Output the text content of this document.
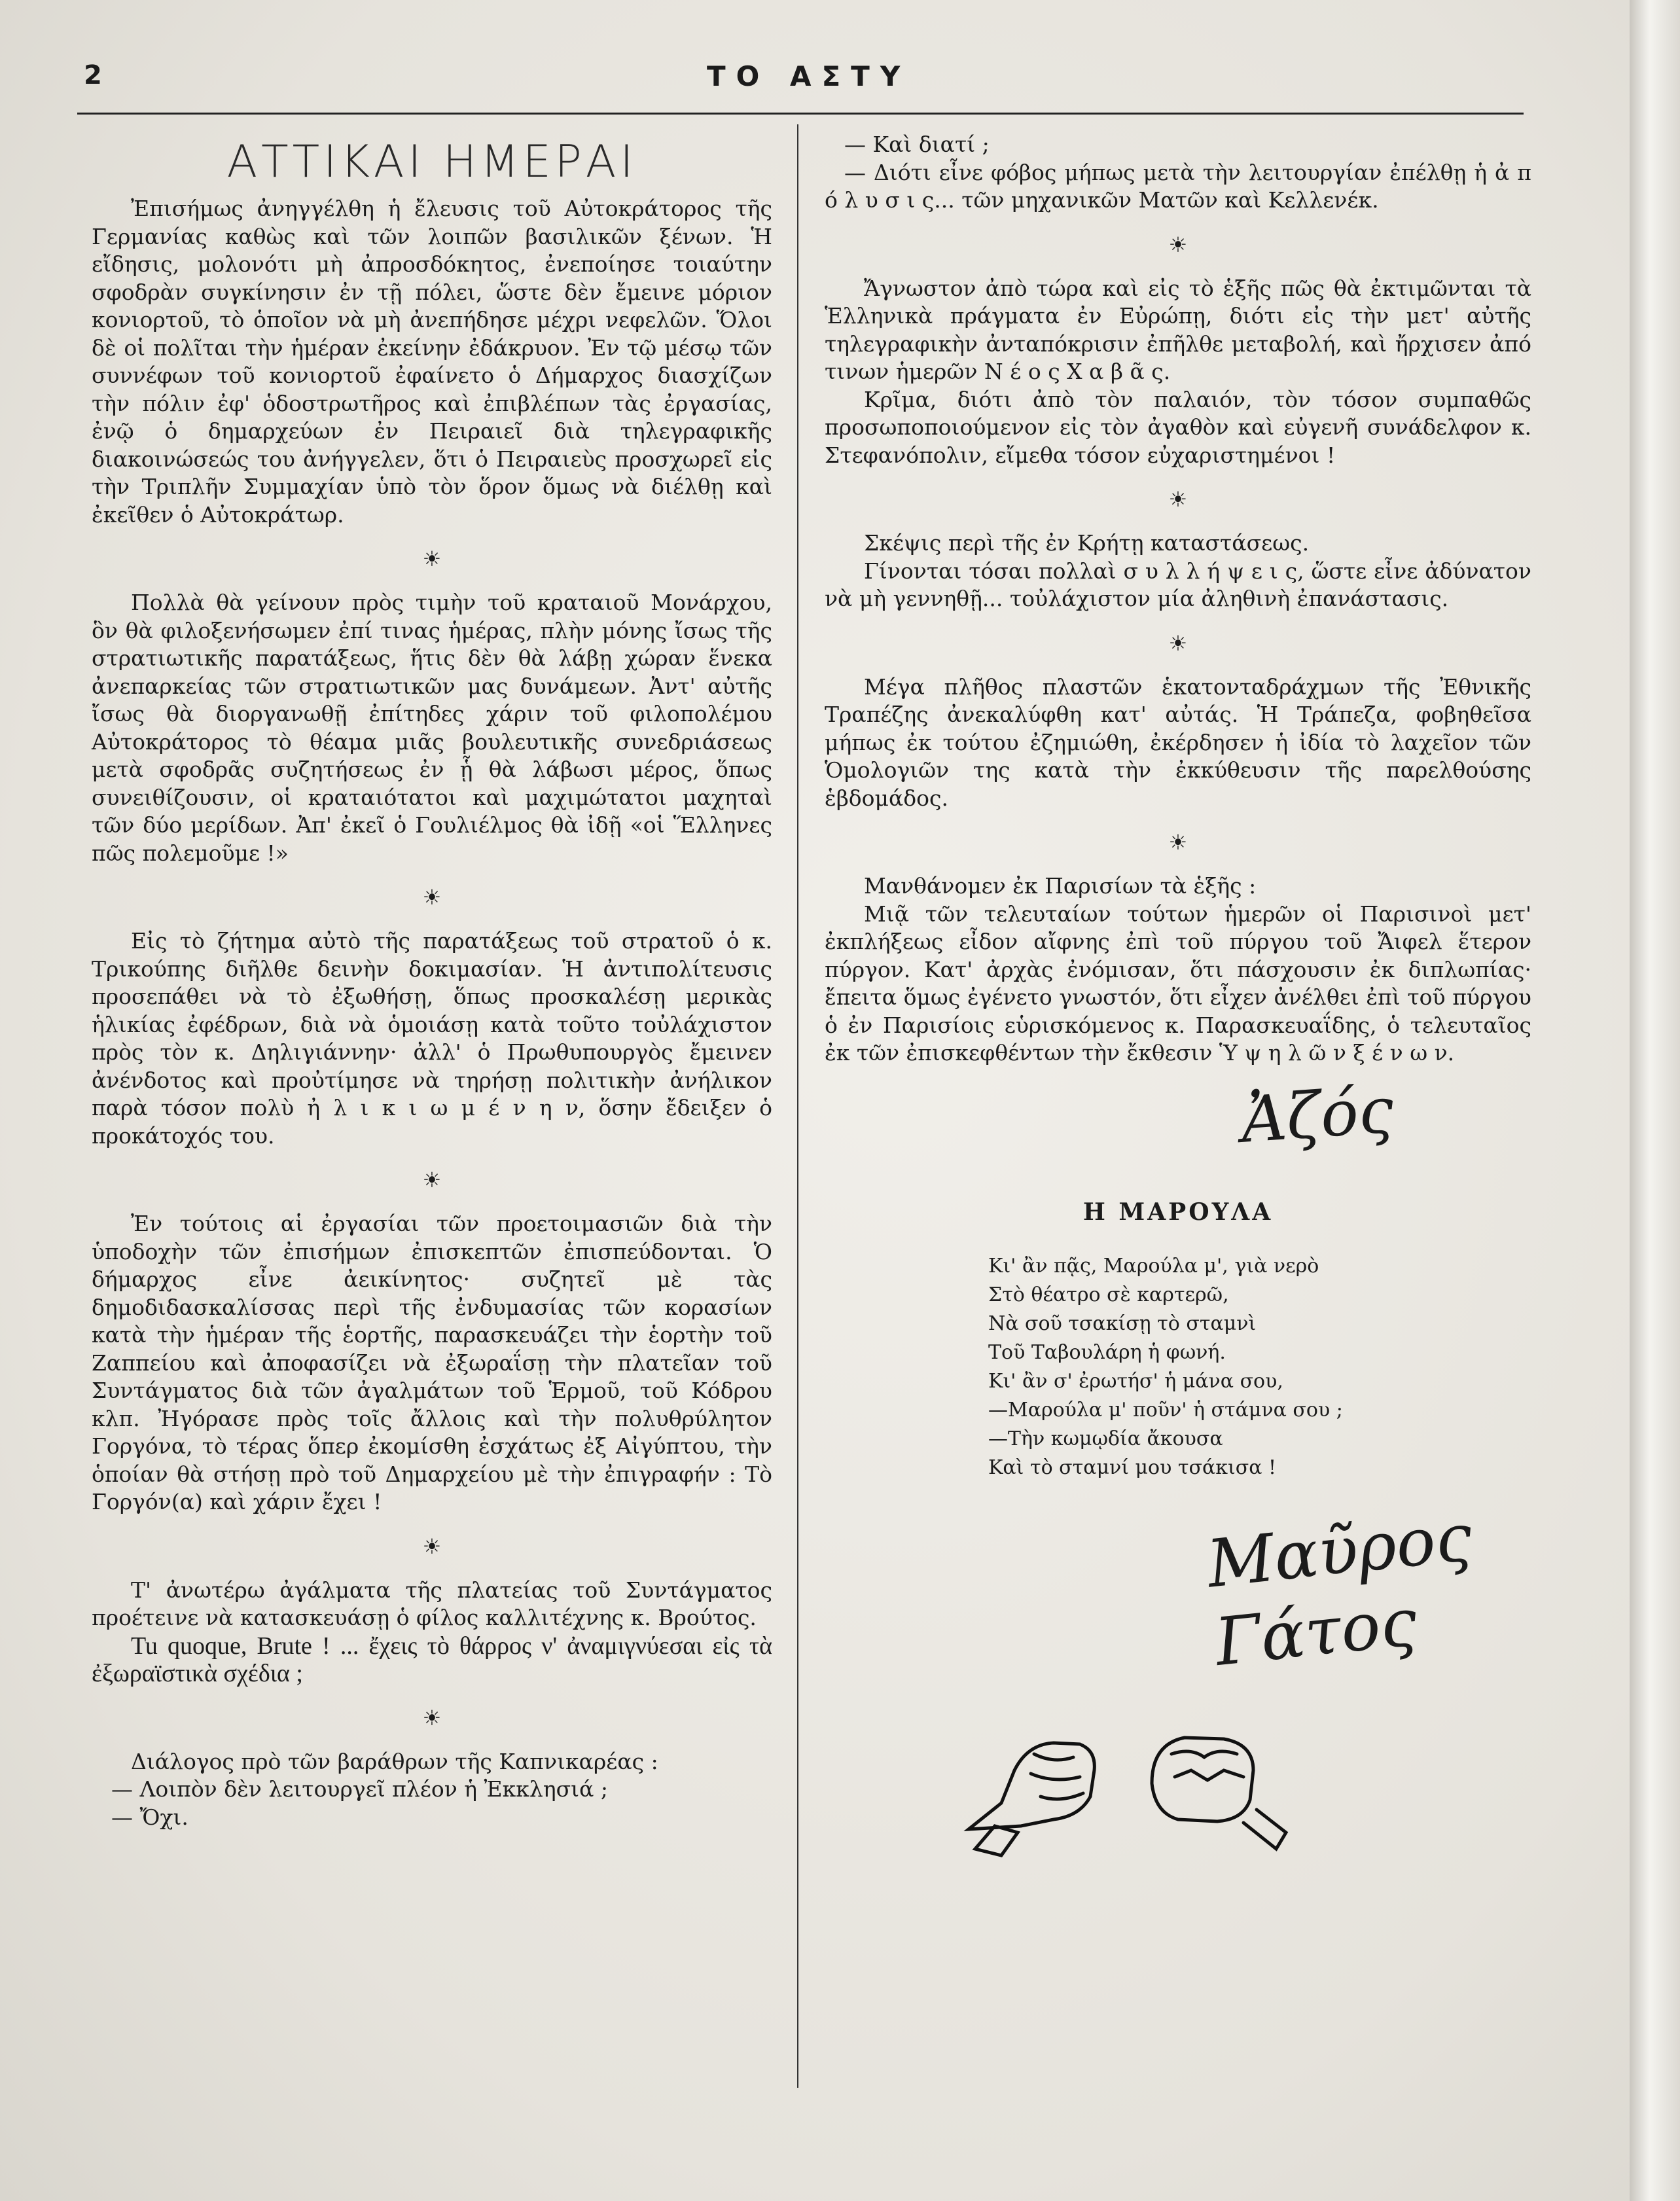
2	ΤΟ ΑΣΤΥ
ΑΤΤΙΚΑΙ ΗΜΕΡΑΙ

Ἐπισήμως ἀνηγγέλθη ἡ ἔλευσις τοῦ Αὐτοκράτορος τῆς Γερμανίας καθὼς καὶ τῶν λοιπῶν βασιλικῶν ξένων. Ἡ εἴδησις, μολονότι μὴ ἀπροσδόκητος, ἐνεποίησε τοιαύτην σφοδρὰν συγκίνησιν ἐν τῇ πόλει, ὥστε δὲν ἔμεινε μόριον κονιορτοῦ, τὸ ὁποῖον νὰ μὴ ἀνεπήδησε μέχρι νεφελῶν. Ὅλοι δὲ οἱ πολῖται τὴν ἡμέραν ἐκείνην ἐδάκρυον. Ἐν τῷ μέσῳ τῶν συννέφων τοῦ κονιορτοῦ ἐφαίνετο ὁ Δήμαρχος διασχίζων τὴν πόλιν ἐφ' ὁδοστρωτῆρος καὶ ἐπιβλέπων τὰς ἐργασίας, ἐνῷ ὁ δημαρχεύων ἐν Πειραιεῖ διὰ τηλεγραφικῆς διακοινώσεώς του ἀνήγγελεν, ὅτι ὁ Πειραιεὺς προσχωρεῖ εἰς τὴν Τριπλῆν Συμμαχίαν ὑπὸ τὸν ὅρον ὅμως νὰ διέλθῃ καὶ ἐκεῖθεν ὁ Αὐτοκράτωρ.

☀

Πολλὰ θὰ γείνουν πρὸς τιμὴν τοῦ κραταιοῦ Μονάρχου, ὃν θὰ φιλοξενήσωμεν ἐπί τινας ἡμέρας, πλὴν μόνης ἴσως τῆς στρατιωτικῆς παρατάξεως, ἥτις δὲν θὰ λάβῃ χώραν ἕνεκα ἀνεπαρκείας τῶν στρατιωτικῶν μας δυνάμεων. Ἀντ' αὐτῆς ἴσως θὰ διοργανωθῇ ἐπίτηδες χάριν τοῦ φιλοπολέμου Αὐτοκράτορος τὸ θέαμα μιᾶς βουλευτικῆς συνεδριάσεως μετὰ σφοδρᾶς συζητήσεως ἐν ᾗ θὰ λάβωσι μέρος, ὅπως συνειθίζουσιν, οἱ κραταιότατοι καὶ μαχιμώτατοι μαχηταὶ τῶν δύο μερίδων. Ἀπ' ἐκεῖ ὁ Γουλιέλμος θὰ ἰδῇ «οἱ Ἕλληνες πῶς πολεμοῦμε !»

☀

Εἰς τὸ ζήτημα αὐτὸ τῆς παρατάξεως τοῦ στρατοῦ ὁ κ. Τρικούπης διῆλθε δεινὴν δοκιμασίαν. Ἡ ἀντιπολίτευσις προσεπάθει νὰ τὸ ἐξωθήσῃ, ὅπως προσκαλέσῃ μερικὰς ἡλικίας ἐφέδρων, διὰ νὰ ὁμοιάσῃ κατὰ τοῦτο τοὐλάχιστον πρὸς τὸν κ. Δηλιγιάννην· ἀλλ' ὁ Πρωθυπουργὸς ἔμεινεν ἀνένδοτος καὶ προὐτίμησε νὰ τηρήσῃ πολιτικὴν ἀνήλικον παρὰ τόσον πολὺ ἠ λ ι κ ι ω μ έ ν η ν, ὅσην ἔδειξεν ὁ προκάτοχός του.

☀

Ἐν τούτοις αἱ ἐργασίαι τῶν προετοιμασιῶν διὰ τὴν ὑποδοχὴν τῶν ἐπισήμων ἐπισκεπτῶν ἐπισπεύδονται. Ὁ δήμαρχος εἶνε ἀεικίνητος· συζητεῖ μὲ τὰς δημοδιδασκαλίσσας περὶ τῆς ἐνδυμασίας τῶν κορασίων κατὰ τὴν ἡμέραν τῆς ἑορτῆς, παρασκευάζει τὴν ἑορτὴν τοῦ Ζαππείου καὶ ἀποφασίζει νὰ ἐξωραΐσῃ τὴν πλατεῖαν τοῦ Συντάγματος διὰ τῶν ἀγαλμάτων τοῦ Ἑρμοῦ, τοῦ Κόδρου κλπ. Ἠγόρασε πρὸς τοῖς ἄλλοις καὶ τὴν πολυθρύλητον Γοργόνα, τὸ τέρας ὅπερ ἐκομίσθη ἐσχάτως ἐξ Αἰγύπτου, τὴν ὁποίαν θὰ στήσῃ πρὸ τοῦ Δημαρχείου μὲ τὴν ἐπιγραφήν : Τὸ Γοργόν(α) καὶ χάριν ἔχει !

☀

Τ' ἀνωτέρω ἀγάλματα τῆς πλατείας τοῦ Συντάγματος προέτεινε νὰ κατασκευάσῃ ὁ φίλος καλλιτέχνης κ. Βρούτος.

Tu quoque, Brute ! ... ἔχεις τὸ θάρρος ν' ἀναμιγνύεσαι εἰς τὰ ἐξωραϊστικὰ σχέδια ;

☀

Διάλογος πρὸ τῶν βαράθρων τῆς Καπνικαρέας :

— Λοιπὸν δὲν λειτουργεῖ πλέον ἡ Ἐκκλησιά ;

— Ὄχι.

— Καὶ διατί ;

— Διότι εἶνε φόβος μήπως μετὰ τὴν λειτουργίαν ἐπέλθῃ ἡ ἀ π ό λ υ σ ι ς... τῶν μηχανικῶν Ματῶν καὶ Κελλενέκ.

☀

Ἄγνωστον ἀπὸ τώρα καὶ εἰς τὸ ἑξῆς πῶς θὰ ἐκτιμῶνται τὰ Ἑλληνικὰ πράγματα ἐν Εὐρώπῃ, διότι εἰς τὴν μετ' αὐτῆς τηλεγραφικὴν ἀνταπόκρισιν ἐπῆλθε μεταβολή, καὶ ἤρχισεν ἀπό τινων ἡμερῶν Ν έ ο ς Χ α β ᾶ ς.

Κρῖμα, διότι ἀπὸ τὸν παλαιόν, τὸν τόσον συμπαθῶς προσωποποιούμενον εἰς τὸν ἀγαθὸν καὶ εὐγενῆ συνάδελφον κ. Στεφανόπολιν, εἴμεθα τόσον εὐχαριστημένοι !

☀

Σκέψις περὶ τῆς ἐν Κρήτῃ καταστάσεως.

Γίνονται τόσαι πολλαὶ σ υ λ λ ή ψ ε ι ς, ὥστε εἶνε ἀδύνατον νὰ μὴ γεννηθῇ... τοὐλάχιστον μία ἀληθινὴ ἐπανάστασις.

☀

Μέγα πλῆθος πλαστῶν ἑκατονταδράχμων τῆς Ἐθνικῆς Τραπέζης ἀνεκαλύφθη κατ' αὐτάς. Ἡ Τράπεζα, φοβηθεῖσα μήπως ἐκ τούτου ἐζημιώθη, ἐκέρδησεν ἡ ἰδία τὸ λαχεῖον τῶν Ὁμολογιῶν της κατὰ τὴν ἐκκύθευσιν τῆς παρελθούσης ἑβδομάδος.

☀

Μανθάνομεν ἐκ Παρισίων τὰ ἑξῆς :

Μιᾷ τῶν τελευταίων τούτων ἡμερῶν οἱ Παρισινοὶ μετ' ἐκπλήξεως εἶδον αἴφνης ἐπὶ τοῦ πύργου τοῦ Ἄιφελ ἕτερον πύργον. Κατ' ἀρχὰς ἐνόμισαν, ὅτι πάσχουσιν ἐκ διπλωπίας· ἔπειτα ὅμως ἐγένετο γνωστόν, ὅτι εἶχεν ἀνέλθει ἐπὶ τοῦ πύργου ὁ ἐν Παρισίοις εὑρισκόμενος κ. Παρασκευαΐδης, ὁ τελευταῖος ἐκ τῶν ἐπισκεφθέντων τὴν ἔκθεσιν Ὑ ψ η λ ῶ ν ξ έ ν ω ν.

Ἀζός
Η ΜΑΡΟΥΛΑ
Κι' ἂν πᾷς, Μαρούλα μ', γιὰ νερὸ
Στὸ θέατρο σὲ καρτερῶ,
Νὰ σοῦ τσακίσῃ τὸ σταμνὶ
Τοῦ Ταβουλάρη ἡ φωνή.
Κι' ἂν σ' ἐρωτήσ' ἡ μάνα σου,
—Μαρούλα μ' ποῦν' ἡ στάμνα σου ;
—Τὴν κωμῳδία ἄκουσα
Καὶ τὸ σταμνί μου τσάκισα !
Μαῦρος Γάτος
